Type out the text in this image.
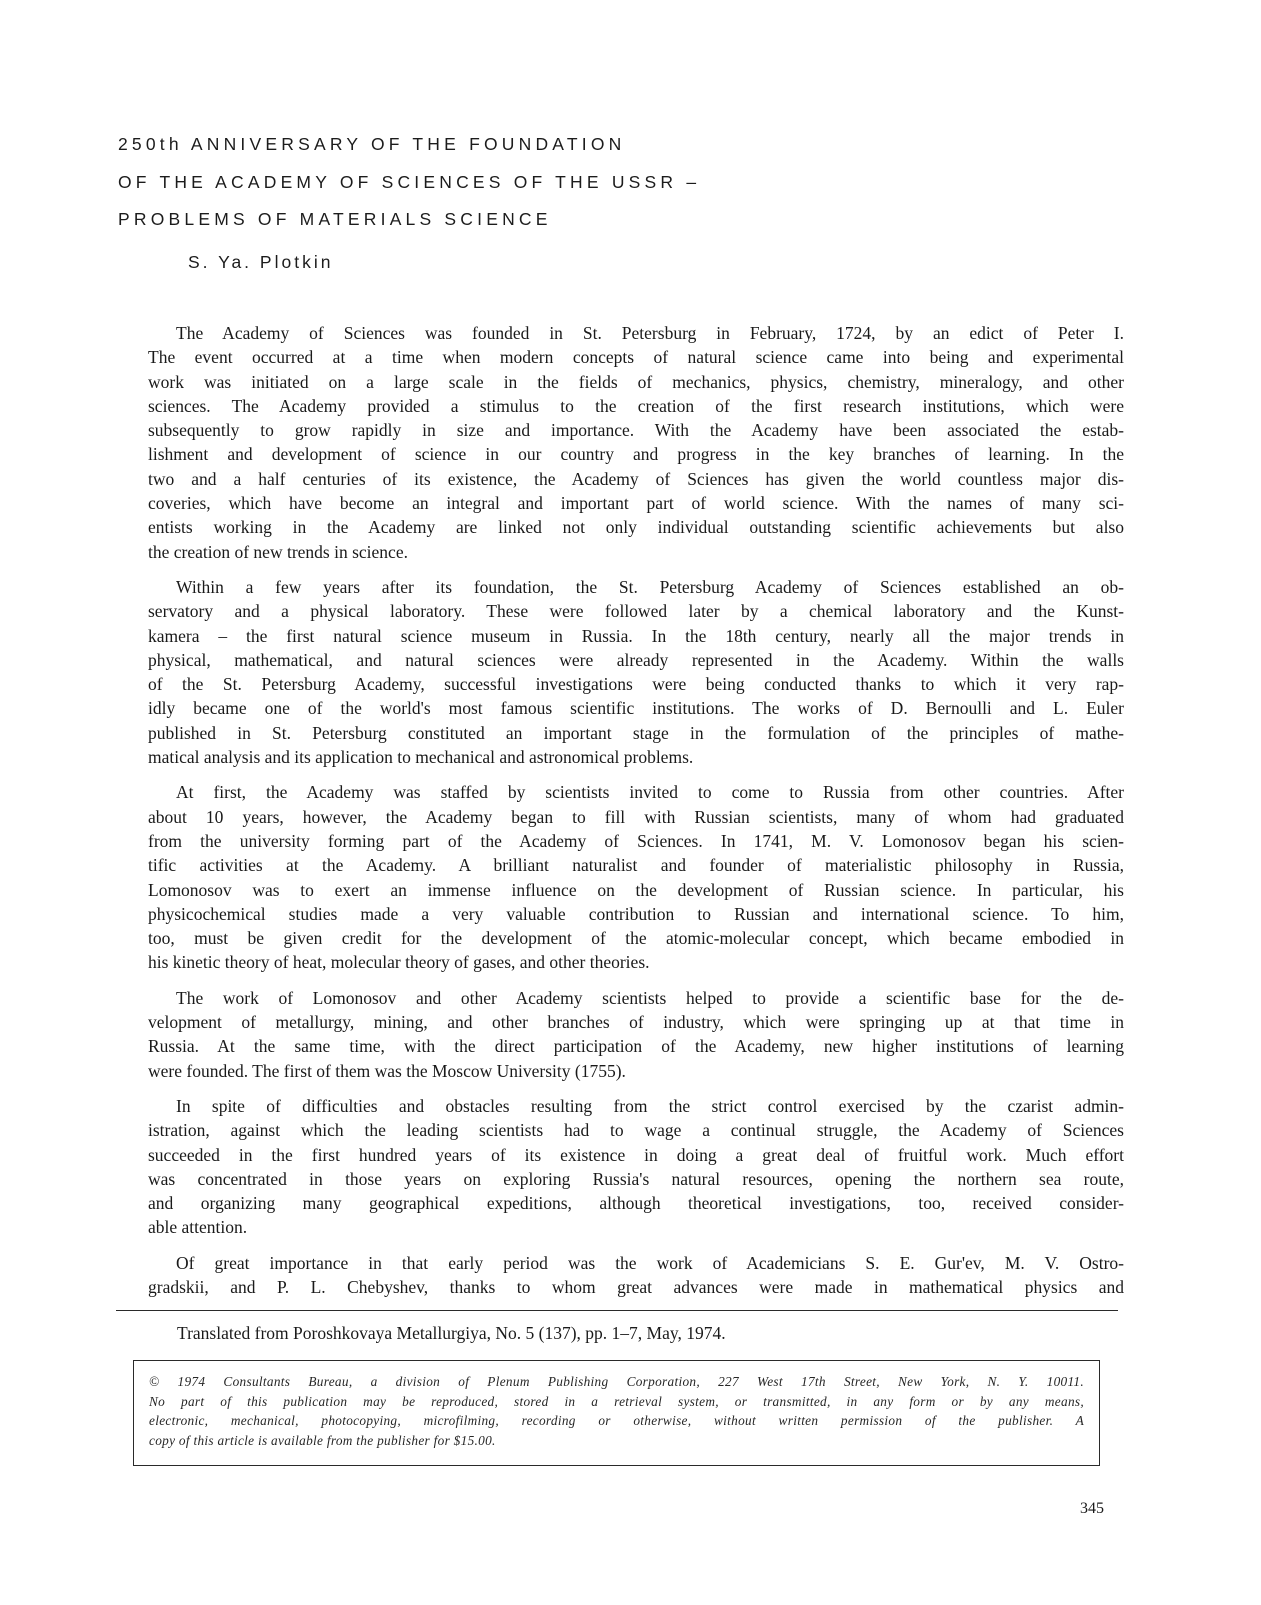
250th ANNIVERSARY OF THE FOUNDATION
OF THE ACADEMY OF SCIENCES OF THE USSR –
PROBLEMS OF MATERIALS SCIENCE
S. Ya. Plotkin
The Academy of Sciences was founded in St. Petersburg in February, 1724, by an edict of Peter I.
The event occurred at a time when modern concepts of natural science came into being and experimental
work was initiated on a large scale in the fields of mechanics, physics, chemistry, mineralogy, and other
sciences. The Academy provided a stimulus to the creation of the first research institutions, which were
subsequently to grow rapidly in size and importance. With the Academy have been associated the estab-
lishment and development of science in our country and progress in the key branches of learning. In the
two and a half centuries of its existence, the Academy of Sciences has given the world countless major dis-
coveries, which have become an integral and important part of world science. With the names of many sci-
entists working in the Academy are linked not only individual outstanding scientific achievements but also
the creation of new trends in science.
Within a few years after its foundation, the St. Petersburg Academy of Sciences established an ob-
servatory and a physical laboratory. These were followed later by a chemical laboratory and the Kunst-
kamera – the first natural science museum in Russia. In the 18th century, nearly all the major trends in
physical, mathematical, and natural sciences were already represented in the Academy. Within the walls
of the St. Petersburg Academy, successful investigations were being conducted thanks to which it very rap-
idly became one of the world's most famous scientific institutions. The works of D. Bernoulli and L. Euler
published in St. Petersburg constituted an important stage in the formulation of the principles of mathe-
matical analysis and its application to mechanical and astronomical problems.
At first, the Academy was staffed by scientists invited to come to Russia from other countries. After
about 10 years, however, the Academy began to fill with Russian scientists, many of whom had graduated
from the university forming part of the Academy of Sciences. In 1741, M. V. Lomonosov began his scien-
tific activities at the Academy. A brilliant naturalist and founder of materialistic philosophy in Russia,
Lomonosov was to exert an immense influence on the development of Russian science. In particular, his
physicochemical studies made a very valuable contribution to Russian and international science. To him,
too, must be given credit for the development of the atomic-molecular concept, which became embodied in
his kinetic theory of heat, molecular theory of gases, and other theories.
The work of Lomonosov and other Academy scientists helped to provide a scientific base for the de-
velopment of metallurgy, mining, and other branches of industry, which were springing up at that time in
Russia. At the same time, with the direct participation of the Academy, new higher institutions of learning
were founded. The first of them was the Moscow University (1755).
In spite of difficulties and obstacles resulting from the strict control exercised by the czarist admin-
istration, against which the leading scientists had to wage a continual struggle, the Academy of Sciences
succeeded in the first hundred years of its existence in doing a great deal of fruitful work. Much effort
was concentrated in those years on exploring Russia's natural resources, opening the northern sea route,
and organizing many geographical expeditions, although theoretical investigations, too, received consider-
able attention.
Of great importance in that early period was the work of Academicians S. E. Gur'ev, M. V. Ostro-
gradskii, and P. L. Chebyshev, thanks to whom great advances were made in mathematical physics and
Translated from Poroshkovaya Metallurgiya, No. 5 (137), pp. 1–7, May, 1974.
© 1974 Consultants Bureau, a division of Plenum Publishing Corporation, 227 West 17th Street, New York, N. Y. 10011.
No part of this publication may be reproduced, stored in a retrieval system, or transmitted, in any form or by any means,
electronic, mechanical, photocopying, microfilming, recording or otherwise, without written permission of the publisher. A
copy of this article is available from the publisher for $15.00.
345
